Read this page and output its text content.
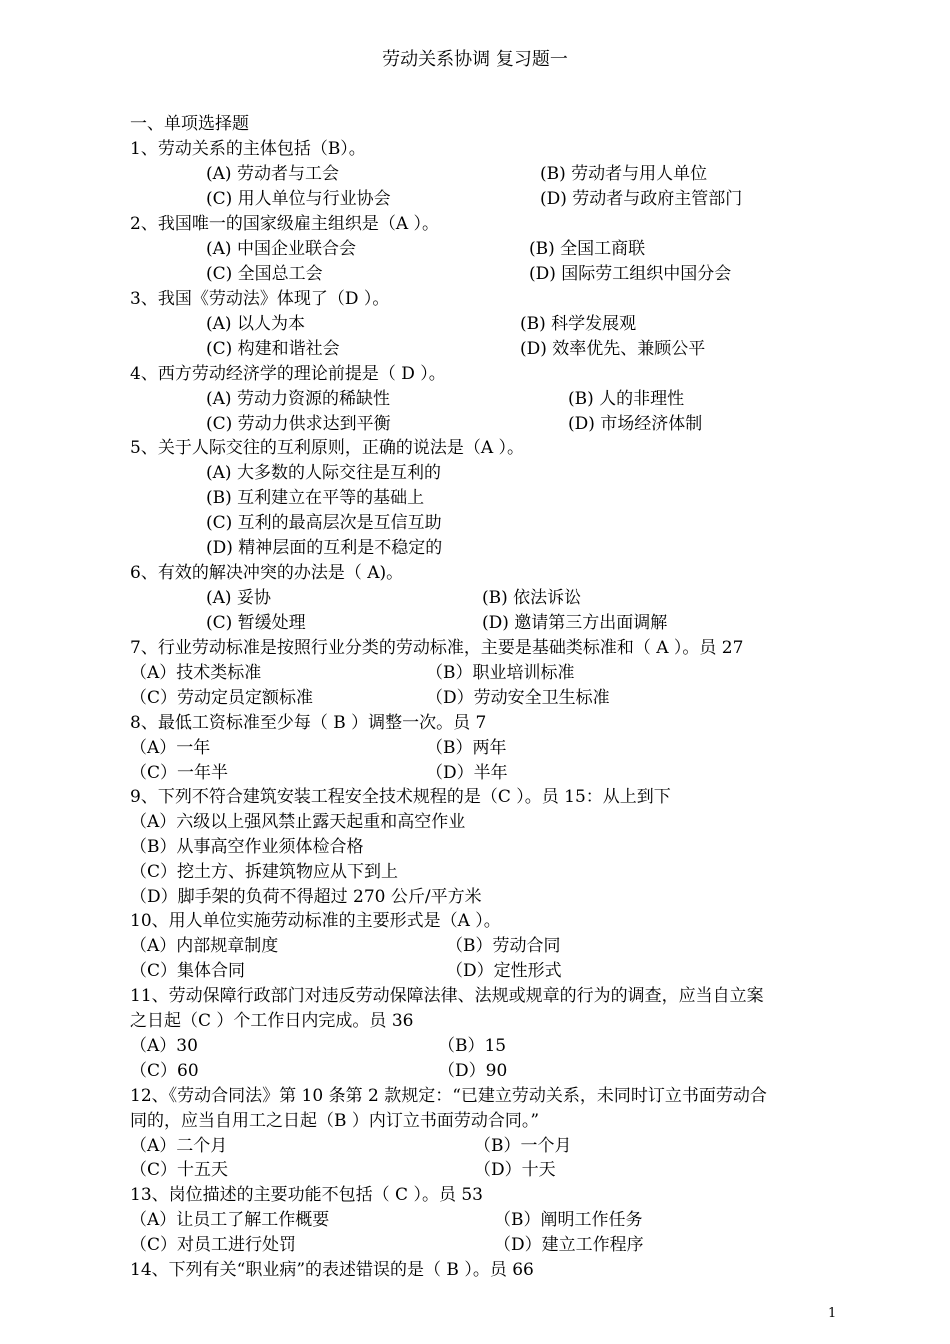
劳动关系协调 复习题一
一、单项选择题
1、劳动关系的主体包括（B）。
(A) 劳动者与工会	(B) 劳动者与用人单位
(C) 用人单位与行业协会	(D) 劳动者与政府主管部门
2、我国唯一的国家级雇主组织是（A ）。
(A) 中国企业联合会	(B) 全国工商联
(C) 全国总工会	(D) 国际劳工组织中国分会
3、我国《劳动法》体现了（D ）。
(A) 以人为本	(B) 科学发展观
(C) 构建和谐社会	(D) 效率优先、兼顾公平
4、西方劳动经济学的理论前提是（ D ）。
(A) 劳动力资源的稀缺性	(B) 人的非理性
(C) 劳动力供求达到平衡	(D) 市场经济体制
5、关于人际交往的互利原则，正确的说法是（A ）。
(A) 大多数的人际交往是互利的
(B) 互利建立在平等的基础上
(C) 互利的最高层次是互信互助
(D) 精神层面的互利是不稳定的
6、有效的解决冲突的办法是（ A)。
(A) 妥协	(B) 依法诉讼
(C) 暂缓处理	(D) 邀请第三方出面调解
7、行业劳动标准是按照行业分类的劳动标准，主要是基础类标准和（ A ）。员 27
（A）技术类标准	（B）职业培训标准
（C）劳动定员定额标准	（D）劳动安全卫生标准
8、最低工资标准至少每（ B ）调整一次。员 7
（A）一年	（B）两年
（C）一年半	（D）半年
9、下列不符合建筑安装工程安全技术规程的是（C ）。员 15：从上到下
（A）六级以上强风禁止露天起重和高空作业
（B）从事高空作业须体检合格
（C）挖土方、拆建筑物应从下到上
（D）脚手架的负荷不得超过 270 公斤/平方米
10、用人单位实施劳动标准的主要形式是（A ）。
（A）内部规章制度	（B）劳动合同
（C）集体合同	（D）定性形式
11、劳动保障行政部门对违反劳动保障法律、法规或规章的行为的调查，应当自立案
之日起（C ）个工作日内完成。员 36
（A）30	（B）15
（C）60	（D）90
12、《劳动合同法》第 10 条第 2 款规定：“已建立劳动关系，未同时订立书面劳动合
同的，应当自用工之日起（B ）内订立书面劳动合同。”
（A）二个月	（B）一个月
（C）十五天	（D）十天
13、岗位描述的主要功能不包括（ C ）。员 53
（A）让员工了解工作概要	（B）阐明工作任务
（C）对员工进行处罚	（D）建立工作程序
14、下列有关“职业病”的表述错误的是（ B ）。员 66
1
